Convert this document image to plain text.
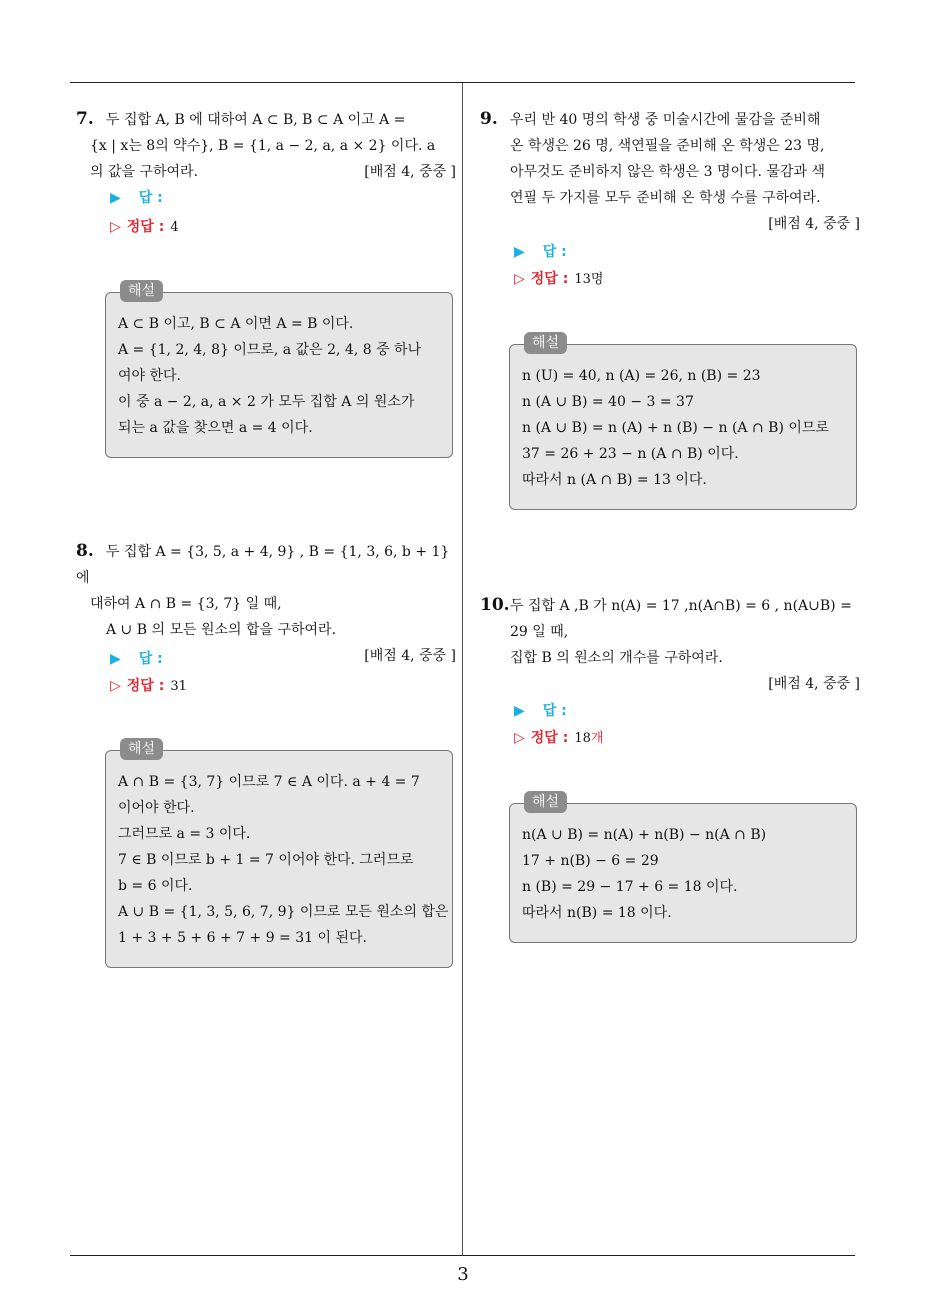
3
7. 두 집합 A, B 에 대하여 A ⊂ B, B ⊂ A 이고 A =
{x | x는 8의 약수}, B = {1, a − 2, a, a × 2} 이다. a
의 값을 구하여라.	[배점 4, 중중 ]
▶ 답 :
▷ 정답 : 4
해설
A ⊂ B 이고, B ⊂ A 이면 A = B 이다.
A = {1, 2, 4, 8} 이므로, a 값은 2, 4, 8 중 하나
여야 한다.
이 중 a − 2, a, a × 2 가 모두 집합 A 의 원소가
되는 a 값을 찾으면 a = 4 이다.
8. 두 집합 A = {3, 5, a + 4, 9} , B = {1, 3, 6, b + 1} 에
대하여 A ∩ B = {3, 7} 일 때,
A ∪ B 의 모든 원소의 합을 구하여라.
[배점 4, 중중 ]
▶ 답 :
▷ 정답 : 31
해설
A ∩ B = {3, 7} 이므로 7 ∈ A 이다. a + 4 = 7
이어야 한다.
그러므로 a = 3 이다.
7 ∈ B 이므로 b + 1 = 7 이어야 한다. 그러므로
b = 6 이다.
A ∪ B = {1, 3, 5, 6, 7, 9} 이므로 모든 원소의 합은
1 + 3 + 5 + 6 + 7 + 9 = 31 이 된다.
9. 우리 반 40 명의 학생 중 미술시간에 물감을 준비해
온 학생은 26 명, 색연필을 준비해 온 학생은 23 명,
아무것도 준비하지 않은 학생은 3 명이다. 물감과 색
연필 두 가지를 모두 준비해 온 학생 수를 구하여라.
[배점 4, 중중 ]
▶ 답 :
▷ 정답 : 13명
해설
n (U) = 40, n (A) = 26, n (B) = 23
n (A ∪ B) = 40 − 3 = 37
n (A ∪ B) = n (A) + n (B) − n (A ∩ B) 이므로
37 = 26 + 23 − n (A ∩ B) 이다.
따라서 n (A ∩ B) = 13 이다.
10.두 집합 A ,B 가 n(A) = 17 ,n(A∩B) = 6 , n(A∪B) =
29 일 때,
집합 B 의 원소의 개수를 구하여라.
[배점 4, 중중 ]
▶ 답 :
▷ 정답 : 18개
해설
n(A ∪ B) = n(A) + n(B) − n(A ∩ B)
17 + n(B) − 6 = 29
n (B) = 29 − 17 + 6 = 18 이다.
따라서 n(B) = 18 이다.
